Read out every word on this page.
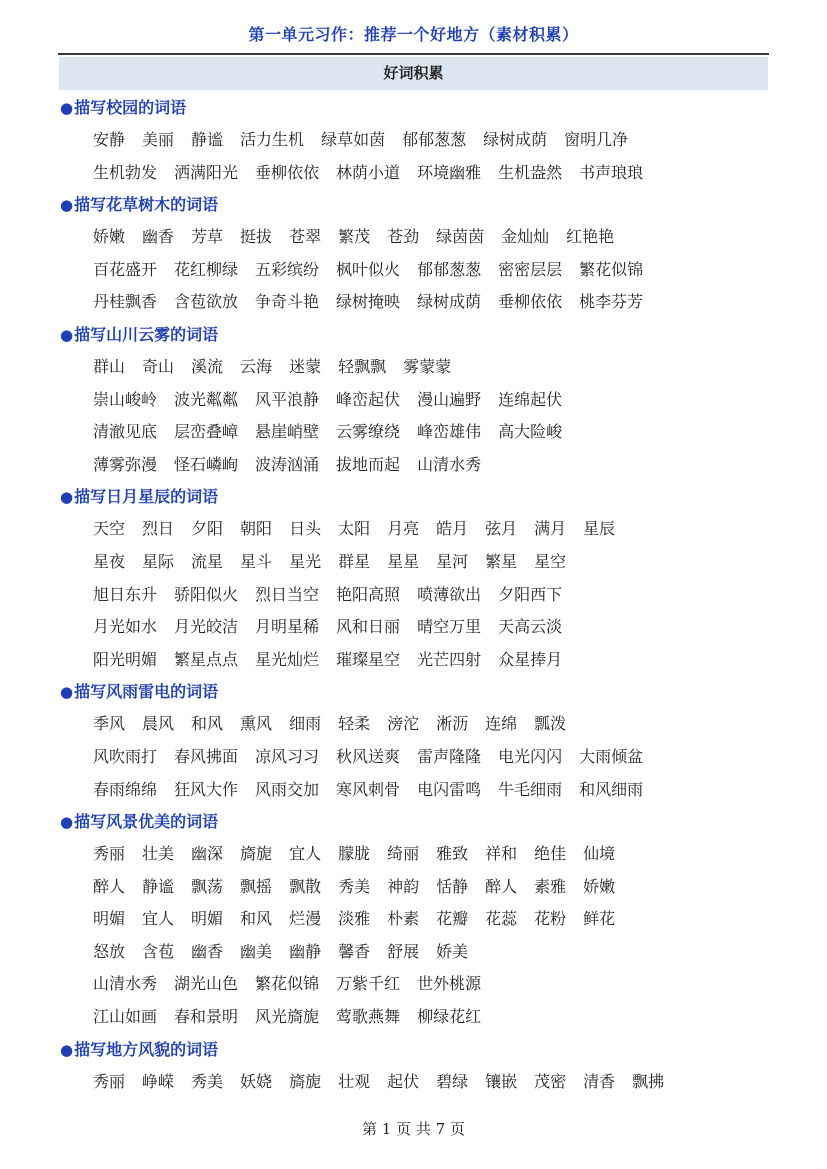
第一单元习作：推荐一个好地方（素材积累）
好词积累
●描写校园的词语
安静 美丽 静谧 活力生机 绿草如茵 郁郁葱葱 绿树成荫 窗明几净
生机勃发 洒满阳光 垂柳依依 林荫小道 环境幽雅 生机盎然 书声琅琅
●描写花草树木的词语
娇嫩 幽香 芳草 挺拔 苍翠 繁茂 苍劲 绿茵茵 金灿灿 红艳艳
百花盛开 花红柳绿 五彩缤纷 枫叶似火 郁郁葱葱 密密层层 繁花似锦
丹桂飘香 含苞欲放 争奇斗艳 绿树掩映 绿树成荫 垂柳依依 桃李芬芳
●描写山川云雾的词语
群山 奇山 溪流 云海 迷蒙 轻飘飘 雾蒙蒙
崇山峻岭 波光粼粼 风平浪静 峰峦起伏 漫山遍野 连绵起伏
清澈见底 层峦叠嶂 悬崖峭壁 云雾缭绕 峰峦雄伟 高大险峻
薄雾弥漫 怪石嶙峋 波涛汹涌 拔地而起 山清水秀
●描写日月星辰的词语
天空 烈日 夕阳 朝阳 日头 太阳 月亮 皓月 弦月 满月 星辰
星夜 星际 流星 星斗 星光 群星 星星 星河 繁星 星空
旭日东升 骄阳似火 烈日当空 艳阳高照 喷薄欲出 夕阳西下
月光如水 月光皎洁 月明星稀 风和日丽 晴空万里 天高云淡
阳光明媚 繁星点点 星光灿烂 璀璨星空 光芒四射 众星捧月
●描写风雨雷电的词语
季风 晨风 和风 熏风 细雨 轻柔 滂沱 淅沥 连绵 瓢泼
风吹雨打 春风拂面 凉风习习 秋风送爽 雷声隆隆 电光闪闪 大雨倾盆
春雨绵绵 狂风大作 风雨交加 寒风刺骨 电闪雷鸣 牛毛细雨 和风细雨
●描写风景优美的词语
秀丽 壮美 幽深 旖旎 宜人 朦胧 绮丽 雅致 祥和 绝佳 仙境
醉人 静谧 飘荡 飘摇 飘散 秀美 神韵 恬静 醉人 素雅 娇嫩
明媚 宜人 明媚 和风 烂漫 淡雅 朴素 花瓣 花蕊 花粉 鲜花
怒放 含苞 幽香 幽美 幽静 馨香 舒展 娇美
山清水秀 湖光山色 繁花似锦 万紫千红 世外桃源
江山如画 春和景明 风光旖旎 莺歌燕舞 柳绿花红
●描写地方风貌的词语
秀丽 峥嵘 秀美 妖娆 旖旎 壮观 起伏 碧绿 镶嵌 茂密 清香 飘拂
第 1 页 共 7 页
